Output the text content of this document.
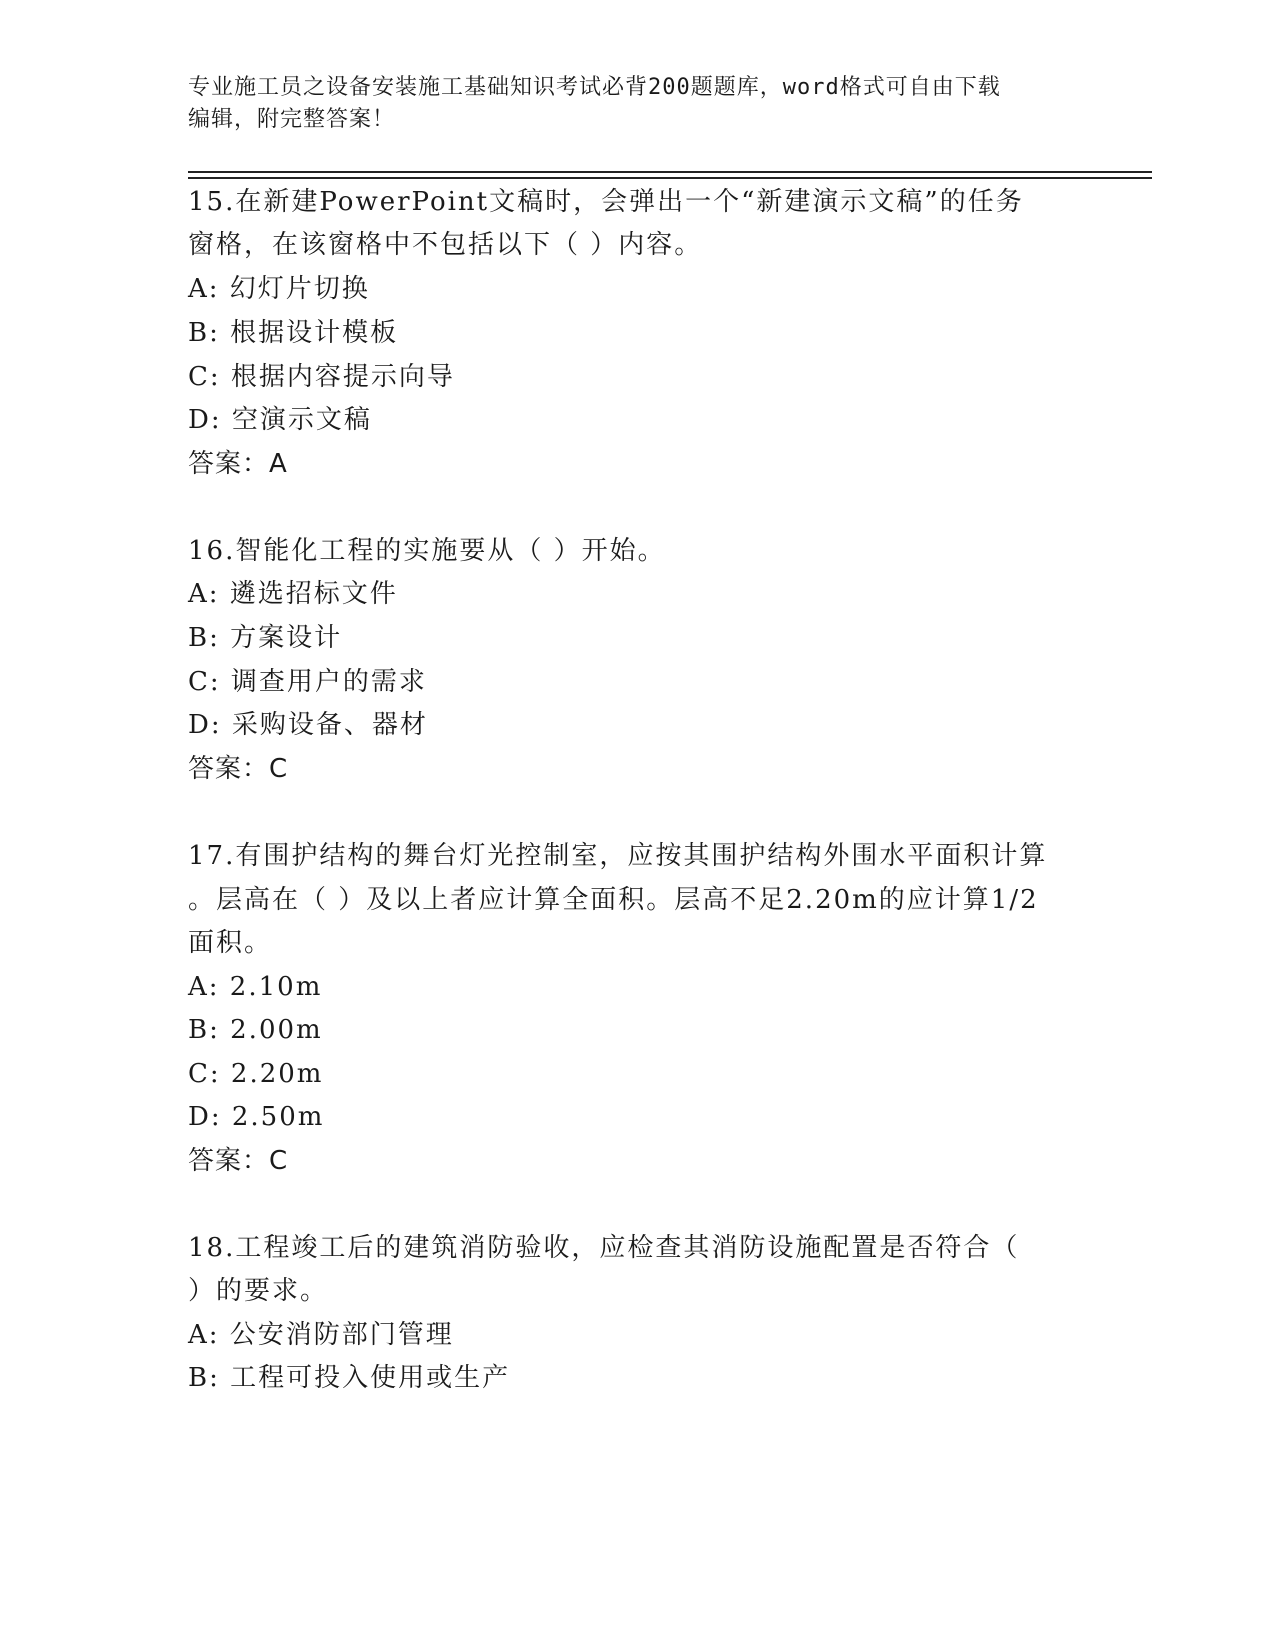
专业施工员之设备安装施工基础知识考试必背200题题库，word格式可自由下载
编辑，附完整答案！
15.在新建PowerPoint文稿时，会弹出一个“新建演示文稿”的任务
窗格，在该窗格中不包括以下（ ）内容。
A: 幻灯片切换
B: 根据设计模板
C: 根据内容提示向导
D: 空演示文稿
答案：A
16.智能化工程的实施要从（ ）开始。
A: 遴选招标文件
B: 方案设计
C: 调查用户的需求
D: 采购设备、器材
答案：C
17.有围护结构的舞台灯光控制室，应按其围护结构外围水平面积计算
。层高在（ ）及以上者应计算全面积。层高不足2.20m的应计算1/2
面积。
A: 2.10m
B: 2.00m
C: 2.20m
D: 2.50m
答案：C
18.工程竣工后的建筑消防验收，应检查其消防设施配置是否符合（
）的要求。
A: 公安消防部门管理
B: 工程可投入使用或生产
